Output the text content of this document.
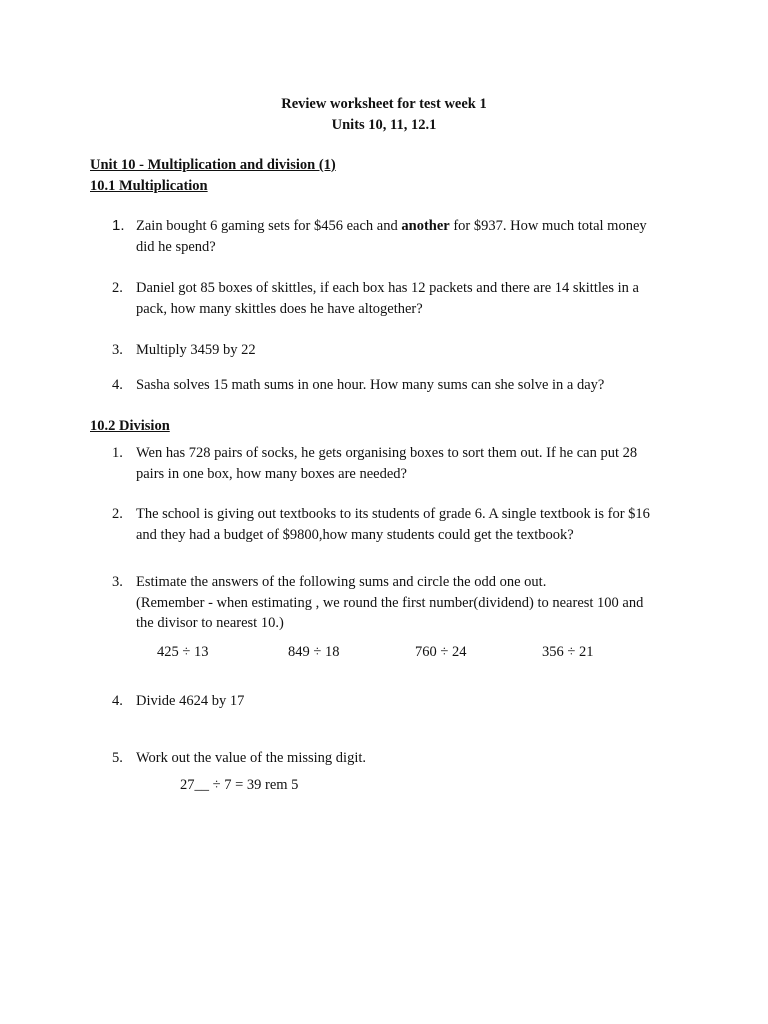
Review worksheet for test week 1
Units 10, 11, 12.1
Unit 10 - Multiplication and division (1)
10.1 Multiplication
1. Zain bought 6 gaming sets for $456 each and another for $937. How much total money
did he spend?
2. Daniel got 85 boxes of skittles, if each box has 12 packets and there are 14 skittles in a
pack, how many skittles does he have altogether?
3. Multiply 3459 by 22
4. Sasha solves 15 math sums in one hour. How many sums can she solve in a day?
10.2 Division
1. Wen has 728 pairs of socks, he gets organising boxes to sort them out. If he can put 28
pairs in one box, how many boxes are needed?
2. The school is giving out textbooks to its students of grade 6. A single textbook is for $16
and they had a budget of $9800,how many students could get the textbook?
3. Estimate the answers of the following sums and circle the odd one out.
(Remember - when estimating , we round the first number(dividend) to nearest 100 and
the divisor to nearest 10.)
425 ÷ 13	849 ÷ 18	760 ÷ 24	356 ÷ 21
4. Divide 4624 by 17
5. Work out the value of the missing digit.
27__ ÷ 7 = 39 rem 5
